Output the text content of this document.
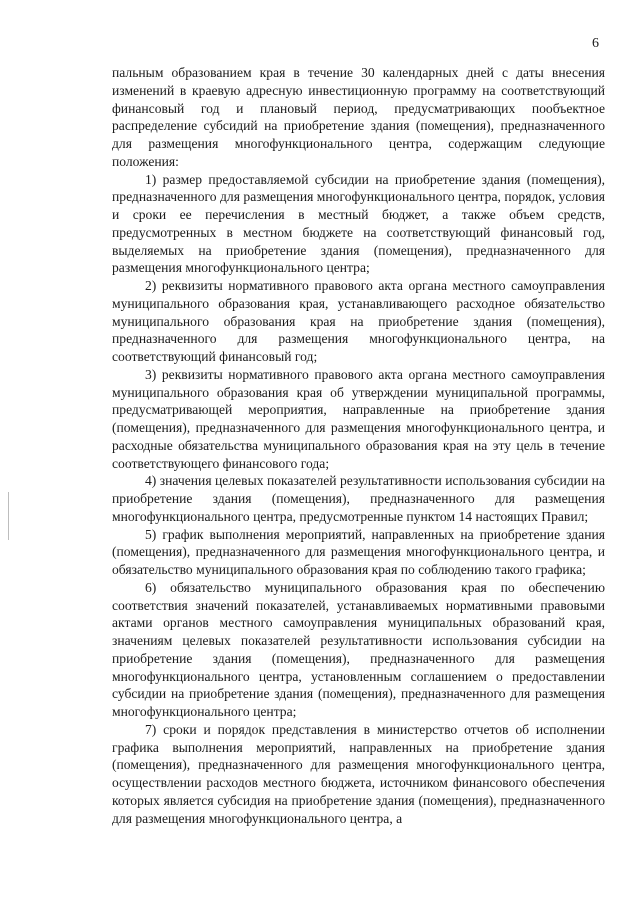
6

пальным образованием края в течение 30 календарных дней с даты внесения изменений в краевую адресную инвестиционную программу на соответствующий финансовый год и плановый период, предусматривающих пообъектное распределение субсидий на приобретение здания (помещения), предназначенного для размещения многофункционального центра, содержащим следующие положения:

1) размер предоставляемой субсидии на приобретение здания (помещения), предназначенного для размещения многофункционального центра, порядок, условия и сроки ее перечисления в местный бюджет, а также объем средств, предусмотренных в местном бюджете на соответствующий финансовый год, выделяемых на приобретение здания (помещения), предназначенного для размещения многофункционального центра;

2) реквизиты нормативного правового акта органа местного самоуправления муниципального образования края, устанавливающего расходное обязательство муниципального образования края на приобретение здания (помещения), предназначенного для размещения многофункционального центра, на соответствующий финансовый год;

3) реквизиты нормативного правового акта органа местного самоуправления муниципального образования края об утверждении муниципальной программы, предусматривающей мероприятия, направленные на приобретение здания (помещения), предназначенного для размещения многофункционального центра, и расходные обязательства муниципального образования края на эту цель в течение соответствующего финансового года;

4) значения целевых показателей результативности использования субсидии на приобретение здания (помещения), предназначенного для размещения многофункционального центра, предусмотренные пунктом 14 настоящих Правил;

5) график выполнения мероприятий, направленных на приобретение здания (помещения), предназначенного для размещения многофункционального центра, и обязательство муниципального образования края по соблюдению такого графика;

6) обязательство муниципального образования края по обеспечению соответствия значений показателей, устанавливаемых нормативными правовыми актами органов местного самоуправления муниципальных образований края, значениям целевых показателей результативности использования субсидии на приобретение здания (помещения), предназначенного для размещения многофункционального центра, установленным соглашением о предоставлении субсидии на приобретение здания (помещения), предназначенного для размещения многофункционального центра;

7) сроки и порядок представления в министерство отчетов об исполнении графика выполнения мероприятий, направленных на приобретение здания (помещения), предназначенного для размещения многофункционального центра, осуществлении расходов местного бюджета, источником финансового обеспечения которых является субсидия на приобретение здания (помещения), предназначенного для размещения многофункционального центра, а
